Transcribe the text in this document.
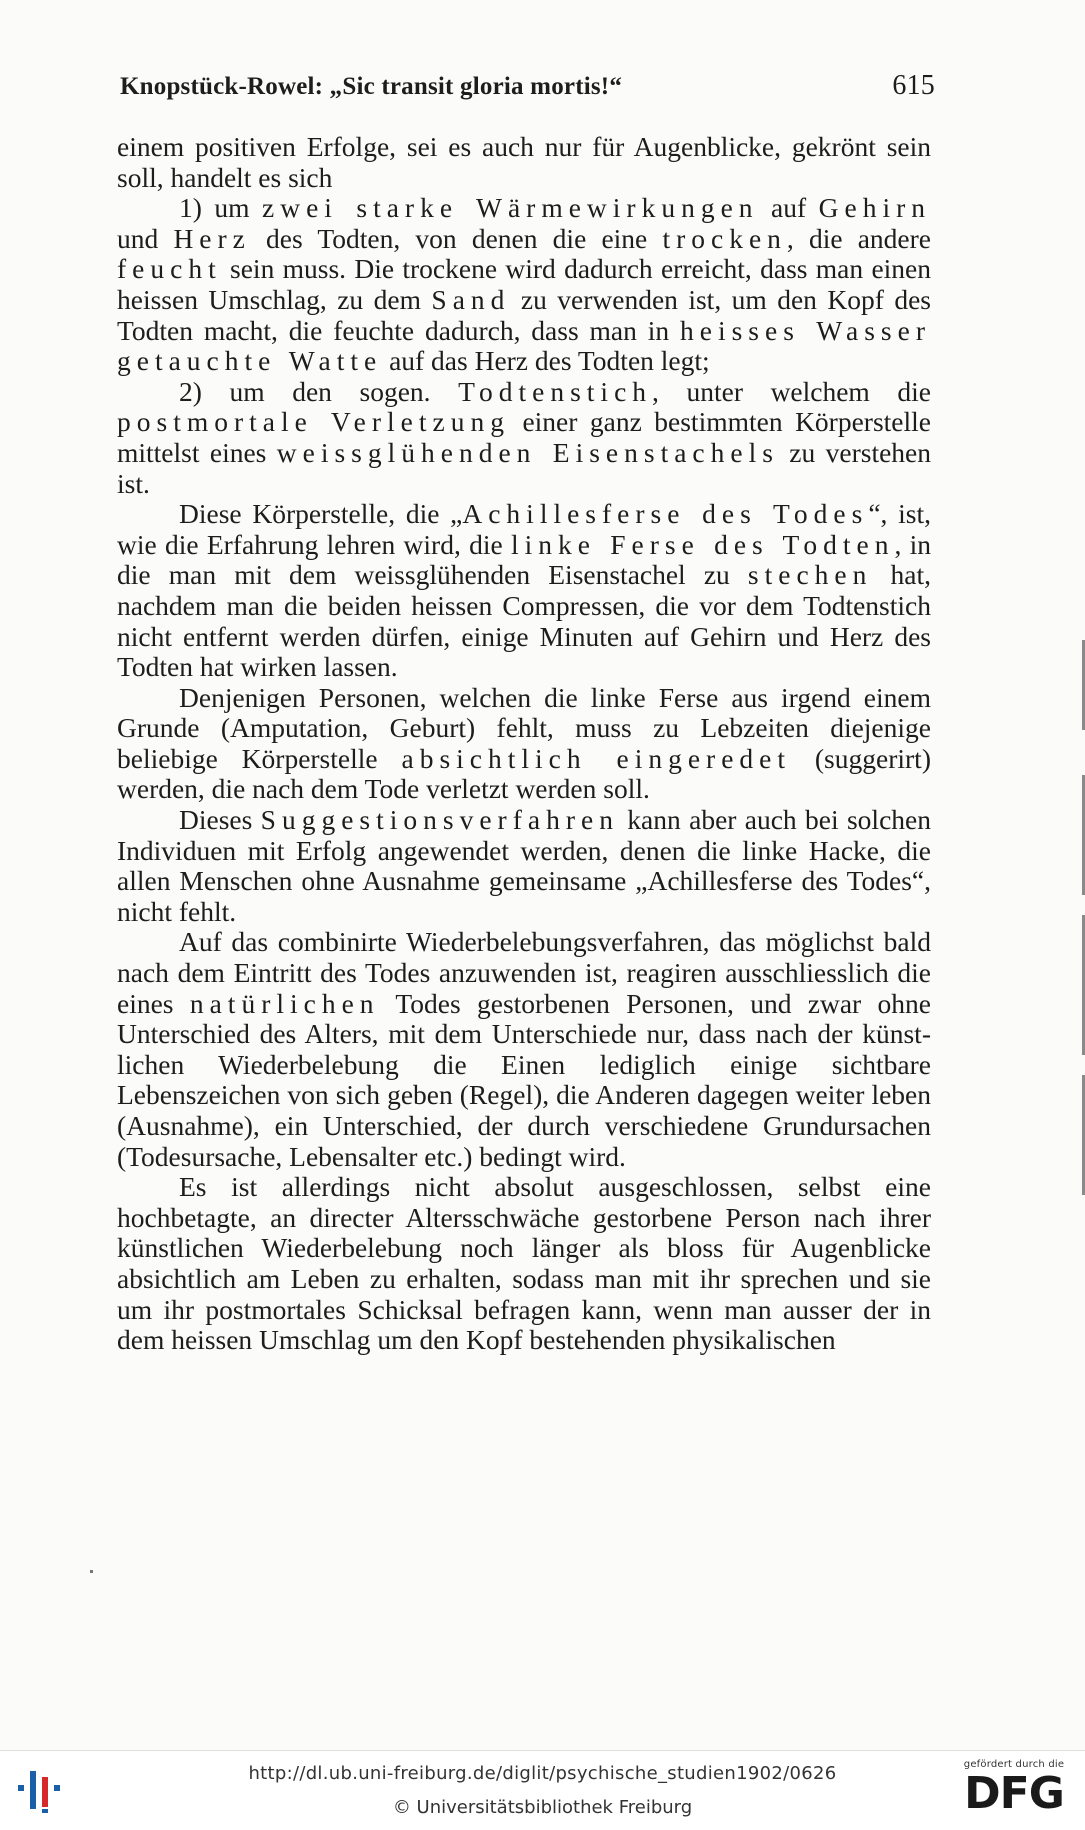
Knopstück-Rowel: „Sic transit gloria mortis!“	615

einem positiven Erfolge, sei es auch nur für Augenblicke, gekrönt sein soll, handelt es sich

1) um zwei starke Wärmewirkungen auf Gehirn und Herz des Todten, von denen die eine trocken, die andere feucht sein muss. Die trockene wird dadurch erreicht, dass man einen heissen Umschlag, zu dem Sand zu verwenden ist, um den Kopf des Todten macht, die feuchte dadurch, dass man in heisses Wasser getauchte Watte auf das Herz des Todten legt;

2) um den sogen. Todtenstich, unter welchem die postmortale Verletzung einer ganz bestimmten Körperstelle mittelst eines weissglühenden Eisenstachels zu verstehen ist.

Diese Körperstelle, die „Achillesferse des Todes“, ist, wie die Erfahrung lehren wird, die linke Ferse des Todten, in die man mit dem weissglühenden Eisenstachel zu stechen hat, nachdem man die beiden heissen Compressen, die vor dem Todtenstich nicht entfernt werden dürfen, einige Minuten auf Gehirn und Herz des Todten hat wirken lassen.

Denjenigen Personen, welchen die linke Ferse aus irgend einem Grunde (Amputation, Geburt) fehlt, muss zu Lebzeiten diejenige beliebige Körperstelle absichtlich eingeredet (suggerirt) werden, die nach dem Tode verletzt werden soll.

Dieses Suggestionsverfahren kann aber auch bei solchen Individuen mit Erfolg angewendet werden, denen die linke Hacke, die allen Menschen ohne Ausnahme gemeinsame „Achillesferse des Todes“, nicht fehlt.

Auf das combinirte Wiederbelebungsverfahren, das möglichst bald nach dem Eintritt des Todes anzuwenden ist, reagiren ausschliesslich die eines natürlichen Todes gestorbenen Personen, und zwar ohne Unterschied des Alters, mit dem Unterschiede nur, dass nach der künstlichen Wiederbelebung die Einen lediglich einige sichtbare Lebenszeichen von sich geben (Regel), die Anderen dagegen weiter leben (Ausnahme), ein Unterschied, der durch verschiedene Grundursachen (Todesursache, Lebensalter etc.) bedingt wird.

Es ist allerdings nicht absolut ausgeschlossen, selbst eine hochbetagte, an directer Altersschwäche gestorbene Person nach ihrer künstlichen Wiederbelebung noch länger als bloss für Augenblicke absichtlich am Leben zu erhalten, sodass man mit ihr sprechen und sie um ihr postmortales Schicksal befragen kann, wenn man ausser der in dem heissen Umschlag um den Kopf bestehenden physikalischen

http://dl.ub.uni-freiburg.de/diglit/psychische_studien1902/0626
© Universitätsbibliothek Freiburg
gefördert durch die
DFG
